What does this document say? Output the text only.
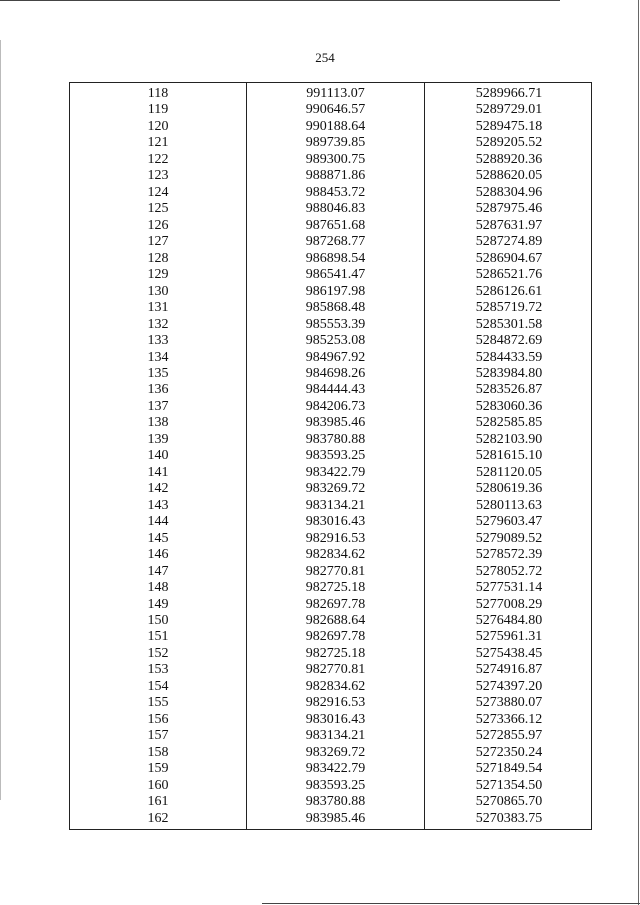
254
118	991113.07	5289966.71
119	990646.57	5289729.01
120	990188.64	5289475.18
121	989739.85	5289205.52
122	989300.75	5288920.36
123	988871.86	5288620.05
124	988453.72	5288304.96
125	988046.83	5287975.46
126	987651.68	5287631.97
127	987268.77	5287274.89
128	986898.54	5286904.67
129	986541.47	5286521.76
130	986197.98	5286126.61
131	985868.48	5285719.72
132	985553.39	5285301.58
133	985253.08	5284872.69
134	984967.92	5284433.59
135	984698.26	5283984.80
136	984444.43	5283526.87
137	984206.73	5283060.36
138	983985.46	5282585.85
139	983780.88	5282103.90
140	983593.25	5281615.10
141	983422.79	5281120.05
142	983269.72	5280619.36
143	983134.21	5280113.63
144	983016.43	5279603.47
145	982916.53	5279089.52
146	982834.62	5278572.39
147	982770.81	5278052.72
148	982725.18	5277531.14
149	982697.78	5277008.29
150	982688.64	5276484.80
151	982697.78	5275961.31
152	982725.18	5275438.45
153	982770.81	5274916.87
154	982834.62	5274397.20
155	982916.53	5273880.07
156	983016.43	5273366.12
157	983134.21	5272855.97
158	983269.72	5272350.24
159	983422.79	5271849.54
160	983593.25	5271354.50
161	983780.88	5270865.70
162	983985.46	5270383.75
